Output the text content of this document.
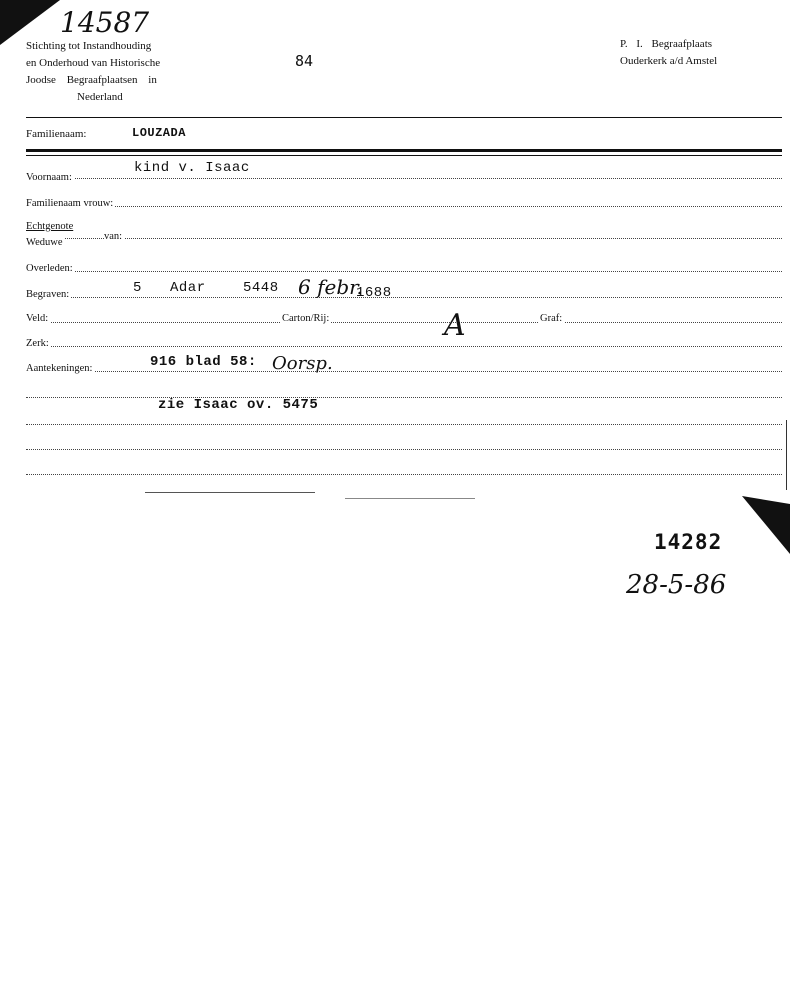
14587
Stichting tot Instandhouding
en Onderhoud van Historische
Joodse Begraafplaatsen in
Nederland
84
P. I. Begraafplaats
Ouderkerk a/d Amstel
Familienaam:	LOUZADA
Voornaam:
kind v. Isaac
Familienaam vrouw:
Echtgenote
Weduwe
van:
Overleden:
Begraven:	5 Adar	5448 6 febr.
1688
Veld:	Carton/Rij:	A	Graf:
Zerk:
Aantekeningen:	916 blad 58: Oorsp.
zie Isaac ov. 5475
14282
28-5-86
